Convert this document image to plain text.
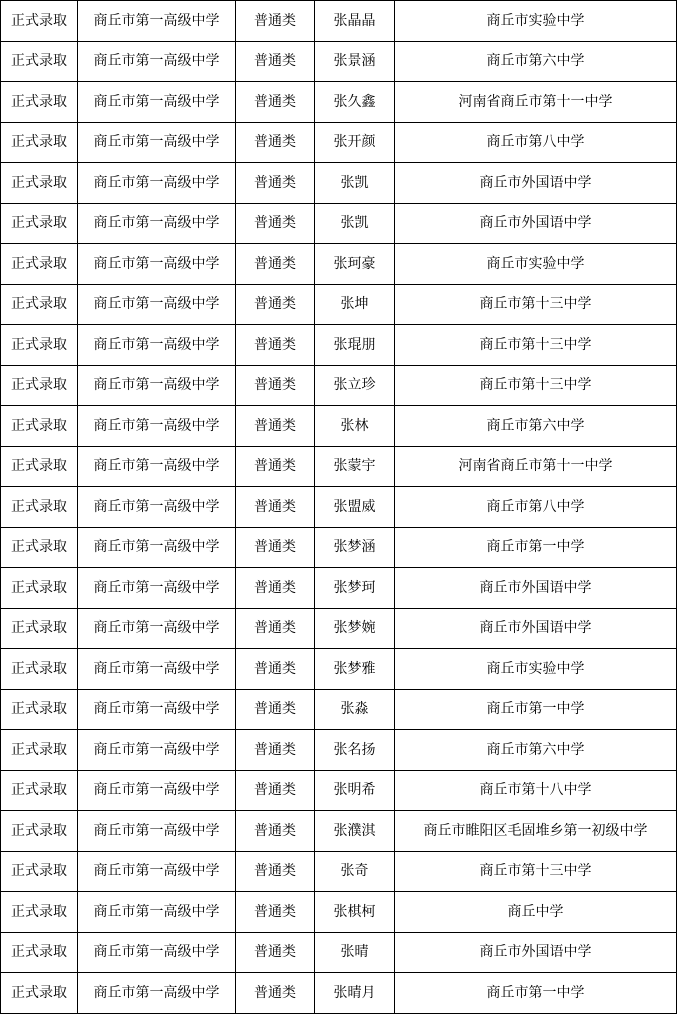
正式录取	商丘市第一高级中学	普通类	张晶晶	商丘市实验中学
正式录取	商丘市第一高级中学	普通类	张景涵	商丘市第六中学
正式录取	商丘市第一高级中学	普通类	张久鑫	河南省商丘市第十一中学
正式录取	商丘市第一高级中学	普通类	张开颜	商丘市第八中学
正式录取	商丘市第一高级中学	普通类	张凯	商丘市外国语中学
正式录取	商丘市第一高级中学	普通类	张凯	商丘市外国语中学
正式录取	商丘市第一高级中学	普通类	张珂豪	商丘市实验中学
正式录取	商丘市第一高级中学	普通类	张坤	商丘市第十三中学
正式录取	商丘市第一高级中学	普通类	张琨朋	商丘市第十三中学
正式录取	商丘市第一高级中学	普通类	张立珍	商丘市第十三中学
正式录取	商丘市第一高级中学	普通类	张林	商丘市第六中学
正式录取	商丘市第一高级中学	普通类	张蒙宇	河南省商丘市第十一中学
正式录取	商丘市第一高级中学	普通类	张盟威	商丘市第八中学
正式录取	商丘市第一高级中学	普通类	张梦涵	商丘市第一中学
正式录取	商丘市第一高级中学	普通类	张梦珂	商丘市外国语中学
正式录取	商丘市第一高级中学	普通类	张梦婉	商丘市外国语中学
正式录取	商丘市第一高级中学	普通类	张梦雅	商丘市实验中学
正式录取	商丘市第一高级中学	普通类	张淼	商丘市第一中学
正式录取	商丘市第一高级中学	普通类	张名扬	商丘市第六中学
正式录取	商丘市第一高级中学	普通类	张明希	商丘市第十八中学
正式录取	商丘市第一高级中学	普通类	张濮淇	商丘市睢阳区毛固堆乡第一初级中学
正式录取	商丘市第一高级中学	普通类	张奇	商丘市第十三中学
正式录取	商丘市第一高级中学	普通类	张棋柯	商丘中学
正式录取	商丘市第一高级中学	普通类	张晴	商丘市外国语中学
正式录取	商丘市第一高级中学	普通类	张晴月	商丘市第一中学
